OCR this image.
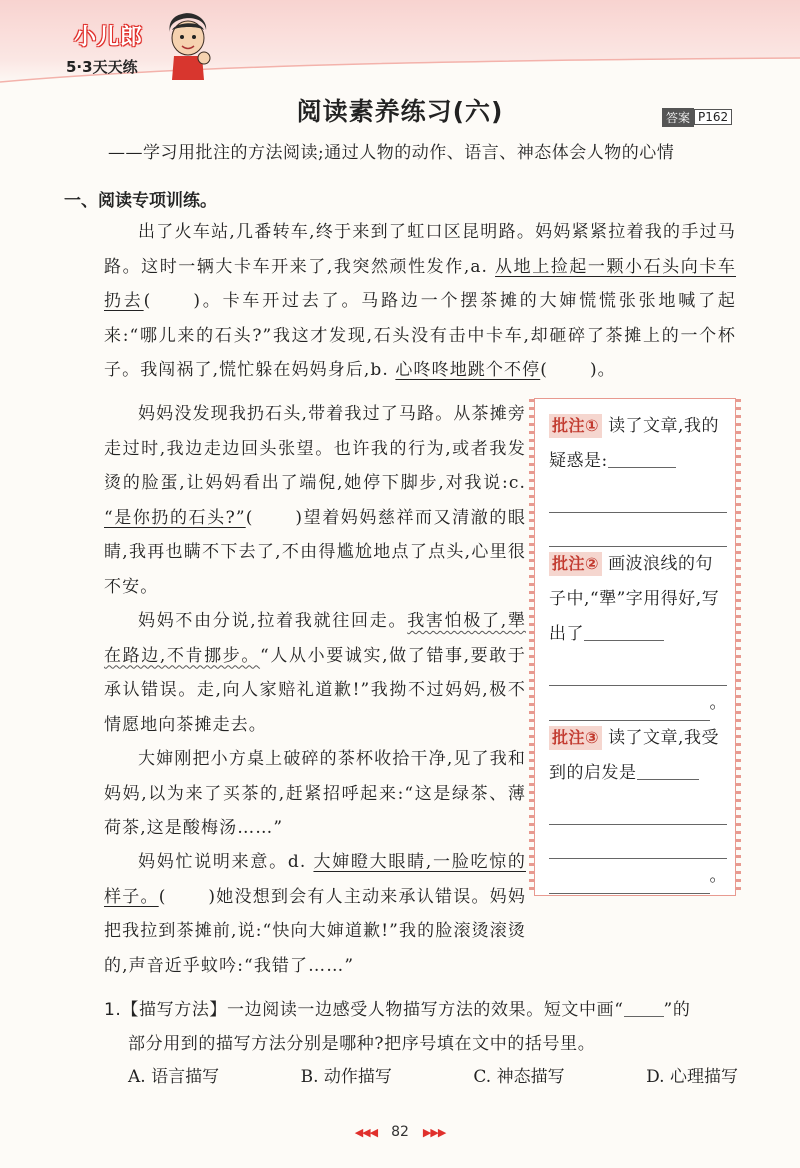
小儿郎
5·3天天练
阅读素养练习(六)	答案 P162
——学习用批注的方法阅读;通过人物的动作、语言、神态体会人物的心情
一、阅读专项训练。
出了火车站,几番转车,终于来到了虹口区昆明路。妈妈紧紧拉着我的手过马路。这时一辆大卡车开来了,我突然顽性发作,a. 从地上捡起一颗小石头向卡车扔去( )。卡车开过去了。马路边一个摆茶摊的大婶慌慌张张地喊了起来:“哪儿来的石头?”我这才发现,石头没有击中卡车,却砸碎了茶摊上的一个杯子。我闯祸了,慌忙躲在妈妈身后,b. 心咚咚地跳个不停( )。
妈妈没发现我扔石头,带着我过了马路。从茶摊旁走过时,我边走边回头张望。也许我的行为,或者我发烫的脸蛋,让妈妈看出了端倪,她停下脚步,对我说:c. “是你扔的石头?”( )望着妈妈慈祥而又清澈的眼睛,我再也瞒不下去了,不由得尴尬地点了点头,心里很不安。
妈妈不由分说,拉着我就往回走。我害怕极了,犟在路边,不肯挪步。“人从小要诚实,做了错事,要敢于承认错误。走,向人家赔礼道歉!”我拗不过妈妈,极不情愿地向茶摊走去。
大婶刚把小方桌上破碎的茶杯收拾干净,见了我和妈妈,以为来了买茶的,赶紧招呼起来:“这是绿茶、薄荷茶,这是酸梅汤……”
妈妈忙说明来意。d. 大婶瞪大眼睛,一脸吃惊的样子。( )她没想到会有人主动来承认错误。妈妈把我拉到茶摊前,说:“快向大婶道歉!”我的脸滚烫滚烫的,声音近乎蚊吟:“我错了……”
批注① 读了文章,我的疑惑是:
批注② 画波浪线的句子中,“犟”字用得好,写出了
。
批注③ 读了文章,我受到的启发是
。
1.【描写方法】一边阅读一边感受人物描写方法的效果。短文中画“ ”的
部分用到的描写方法分别是哪种?把序号填在文中的括号里。
A. 语言描写	B. 动作描写	C. 神态描写	D. 心理描写
◀◀◀ 82 ▶▶▶
